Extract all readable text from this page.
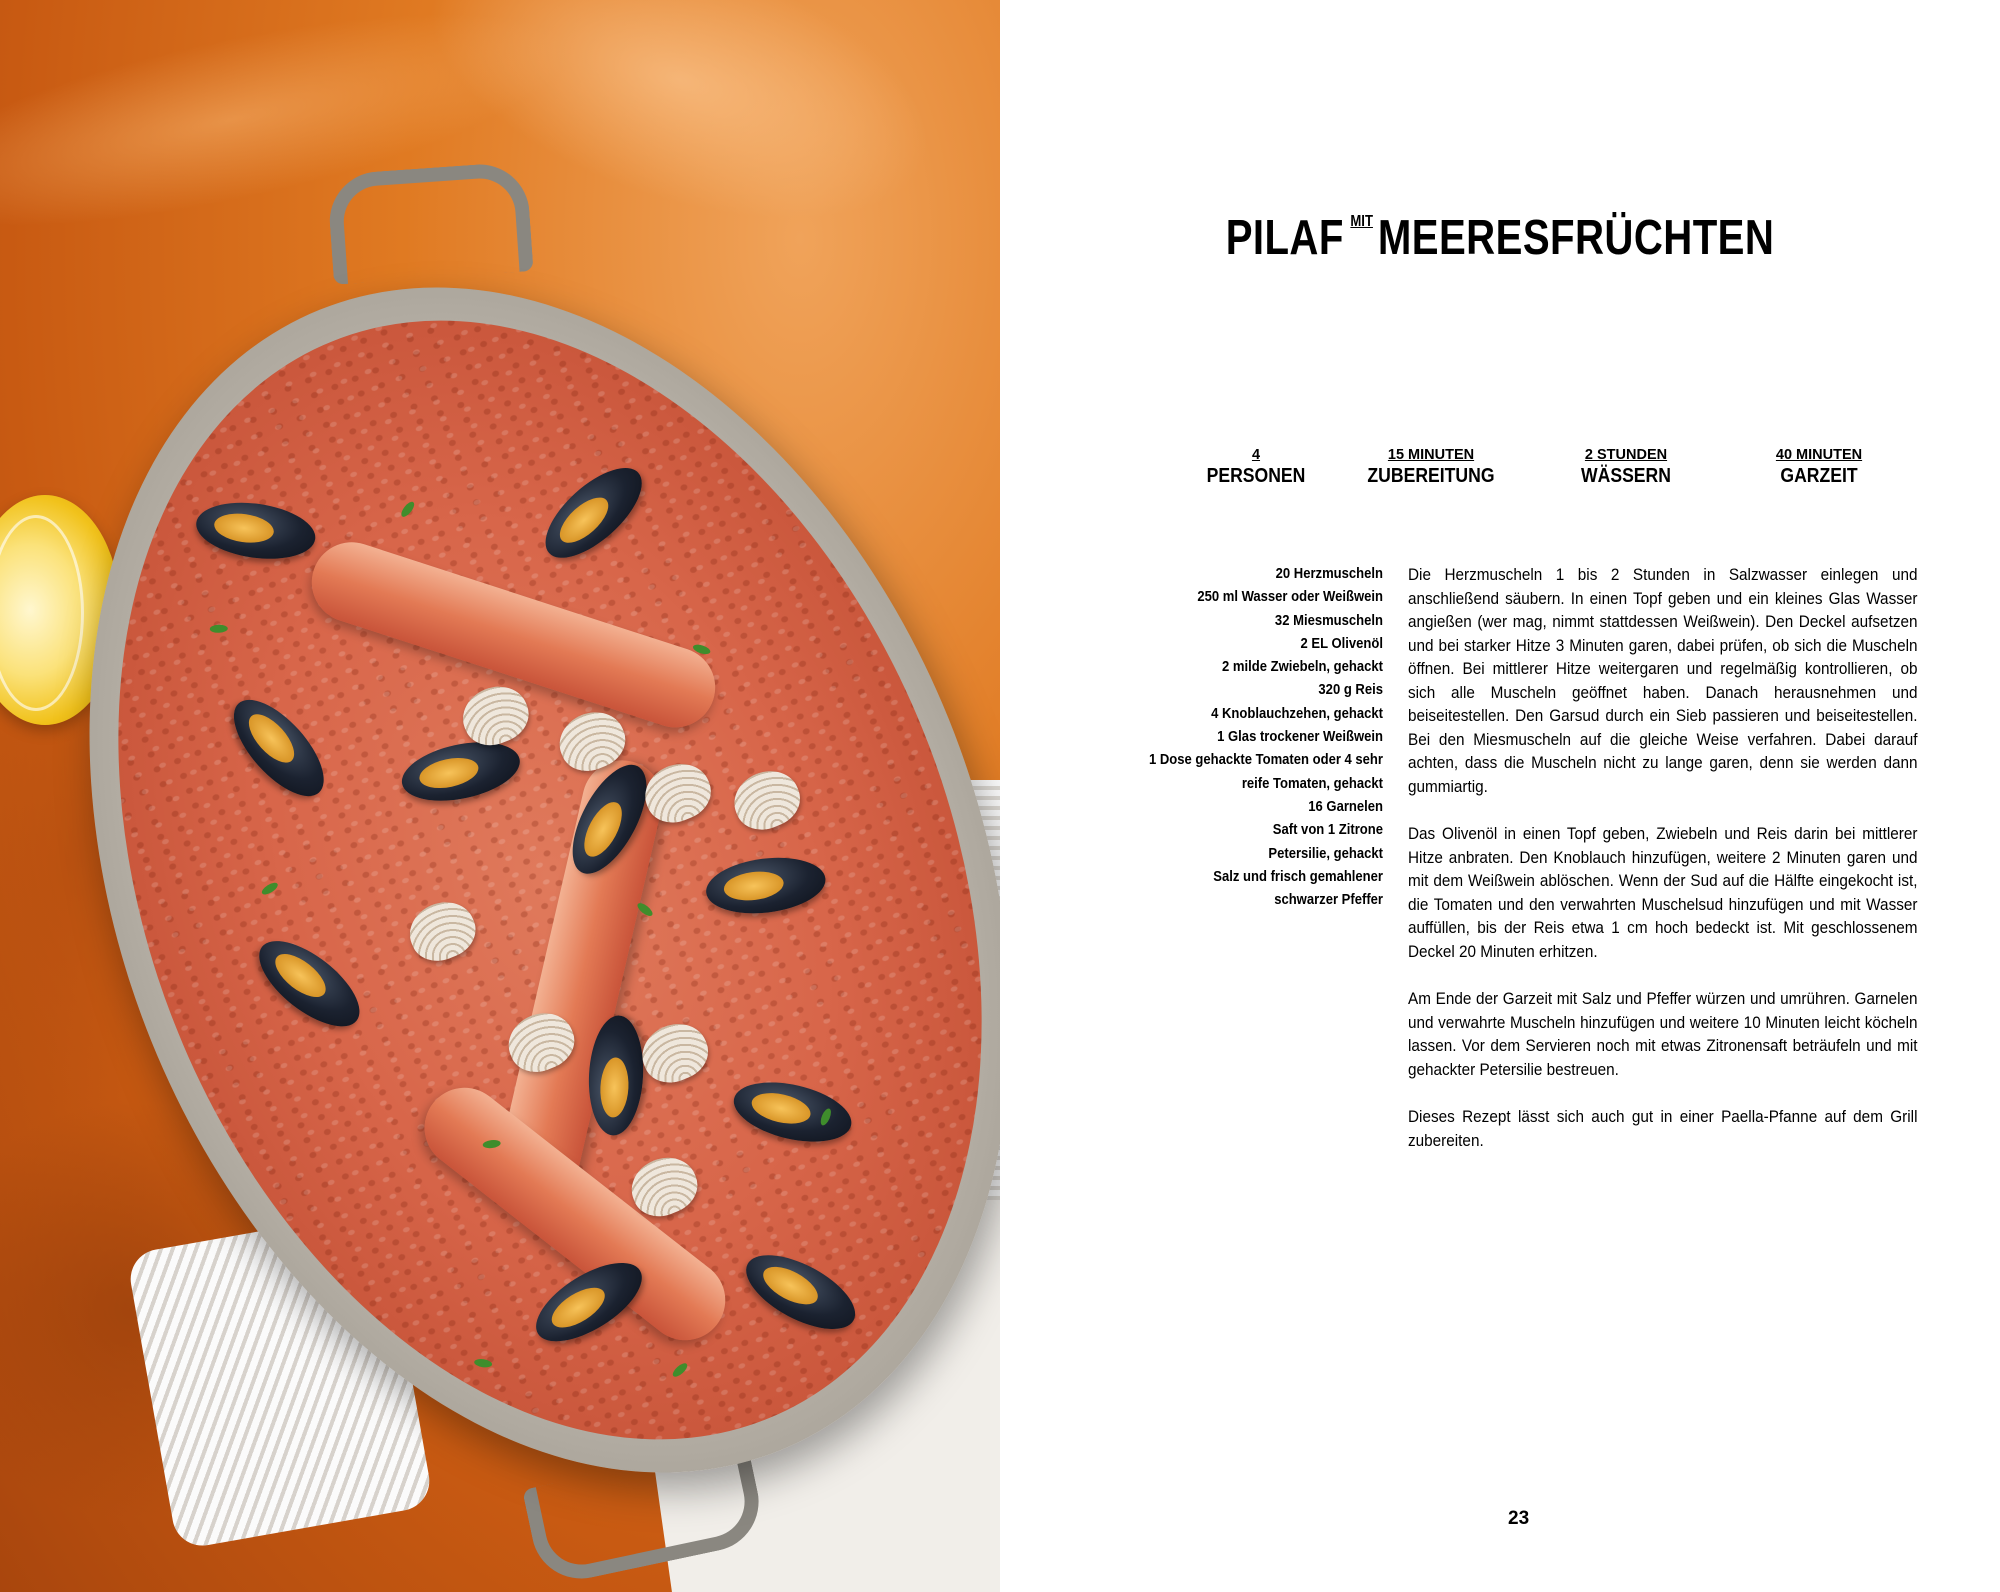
PILAF $^{MIT}$ MEERESFRÜCHTEN
4
PERSONEN
15 MINUTEN
ZUBEREITUNG
2 STUNDEN
WÄSSERN
40 MINUTEN
GARZEIT
20 Herzmuscheln
250 ml Wasser oder Weißwein
32 Miesmuscheln
2 EL Olivenöl
2 milde Zwiebeln, gehackt
320 g Reis
4 Knoblauchzehen, gehackt
1 Glas trockener Weißwein
1 Dose gehackte Tomaten oder 4 sehr reife Tomaten, gehackt
16 Garnelen
Saft von 1 Zitrone
Petersilie, gehackt
Salz und frisch gemahlener schwarzer Pfeffer

Die Herzmuscheln 1 bis 2 Stunden in Salzwasser einlegen und anschließend säubern. In einen Topf geben und ein kleines Glas Wasser angießen (wer mag, nimmt stattdessen Weißwein). Den Deckel aufsetzen und bei starker Hitze 3 Minuten garen, dabei prüfen, ob sich die Muscheln öffnen. Bei mittlerer Hitze weitergaren und regelmäßig kontrollieren, ob sich alle Muscheln geöffnet haben. Danach herausnehmen und beiseitestellen. Den Garsud durch ein Sieb passieren und beiseitestellen. Bei den Miesmuscheln auf die gleiche Weise verfahren. Dabei darauf achten, dass die Muscheln nicht zu lange garen, denn sie werden dann gummiartig.

Das Olivenöl in einen Topf geben, Zwiebeln und Reis darin bei mittlerer Hitze anbraten. Den Knoblauch hinzufügen, weitere 2 Minuten garen und mit dem Weißwein ablöschen. Wenn der Sud auf die Hälfte eingekocht ist, die Tomaten und den verwahrten Muschelsud hinzufügen und mit Wasser auffüllen, bis der Reis etwa 1 cm hoch bedeckt ist. Mit geschlossenem Deckel 20 Minuten erhitzen.

Am Ende der Garzeit mit Salz und Pfeffer würzen und umrühren. Garnelen und verwahrte Muscheln hinzufügen und weitere 10 Minuten leicht köcheln lassen. Vor dem Servieren noch mit etwas Zitronensaft beträufeln und mit gehackter Petersilie bestreuen.

Dieses Rezept lässt sich auch gut in einer Paella-Pfanne auf dem Grill zubereiten.

23
